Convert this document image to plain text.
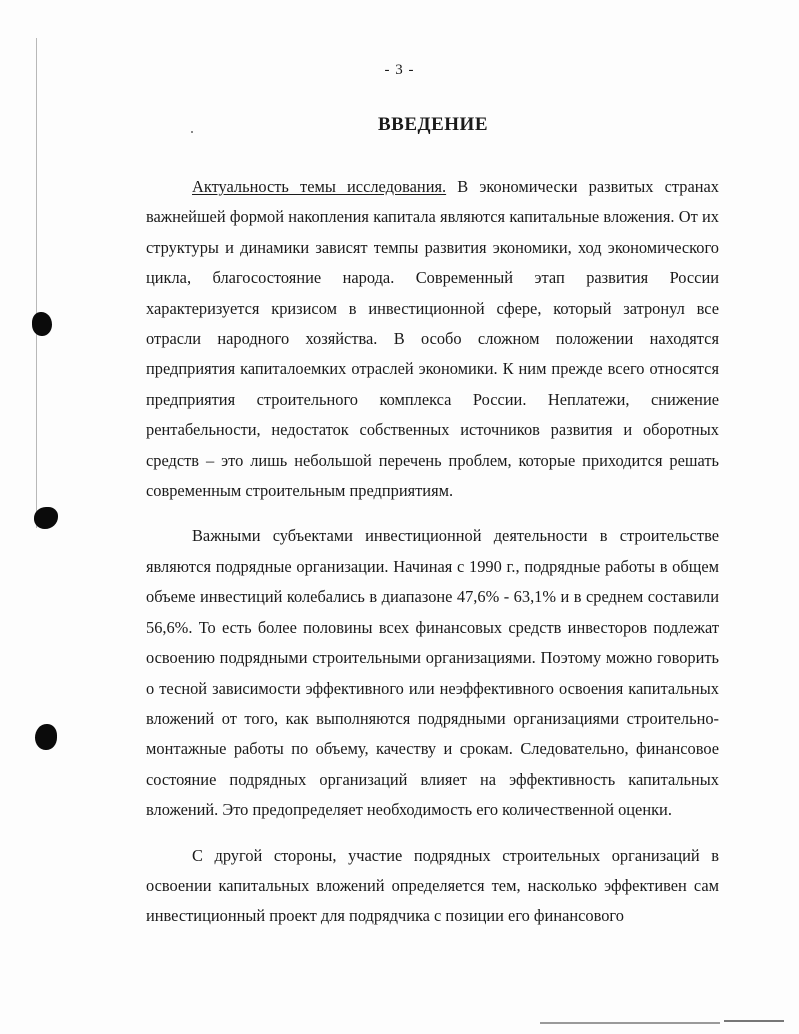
- 3 -
ВВЕДЕНИЕ

Актуальность темы исследования. В экономически развитых странах важнейшей формой накопления капитала являются капитальные вложения. От их структуры и динамики зависят темпы развития экономики, ход экономического цикла, благосостояние народа. Современный этап развития России характеризуется кризисом в инвестиционной сфере, который затронул все отрасли народного хозяйства. В особо сложном положении находятся предприятия капиталоемких отраслей экономики. К ним прежде всего относятся предприятия строительного комплекса России. Неплатежи, снижение рентабельности, недостаток собственных источников развития и оборотных средств – это лишь небольшой перечень проблем, которые приходится решать современным строительным предприятиям.

Важными субъектами инвестиционной деятельности в строительстве являются подрядные организации. Начиная с 1990 г., подрядные работы в общем объеме инвестиций колебались в диапазоне 47,6% - 63,1% и в среднем составили 56,6%. То есть более половины всех финансовых средств инвесторов подлежат освоению подрядными строительными организациями. Поэтому можно говорить о тесной зависимости эффективного или неэффективного освоения капитальных вложений от того, как выполняются подрядными организациями строительно-монтажные работы по объему, качеству и срокам. Следовательно, финансовое состояние подрядных организаций влияет на эффективность капитальных вложений. Это предопределяет необходимость его количественной оценки.

С другой стороны, участие подрядных строительных организаций в освоении капитальных вложений определяется тем, насколько эффективен сам инвестиционный проект для подрядчика с позиции его финансового
